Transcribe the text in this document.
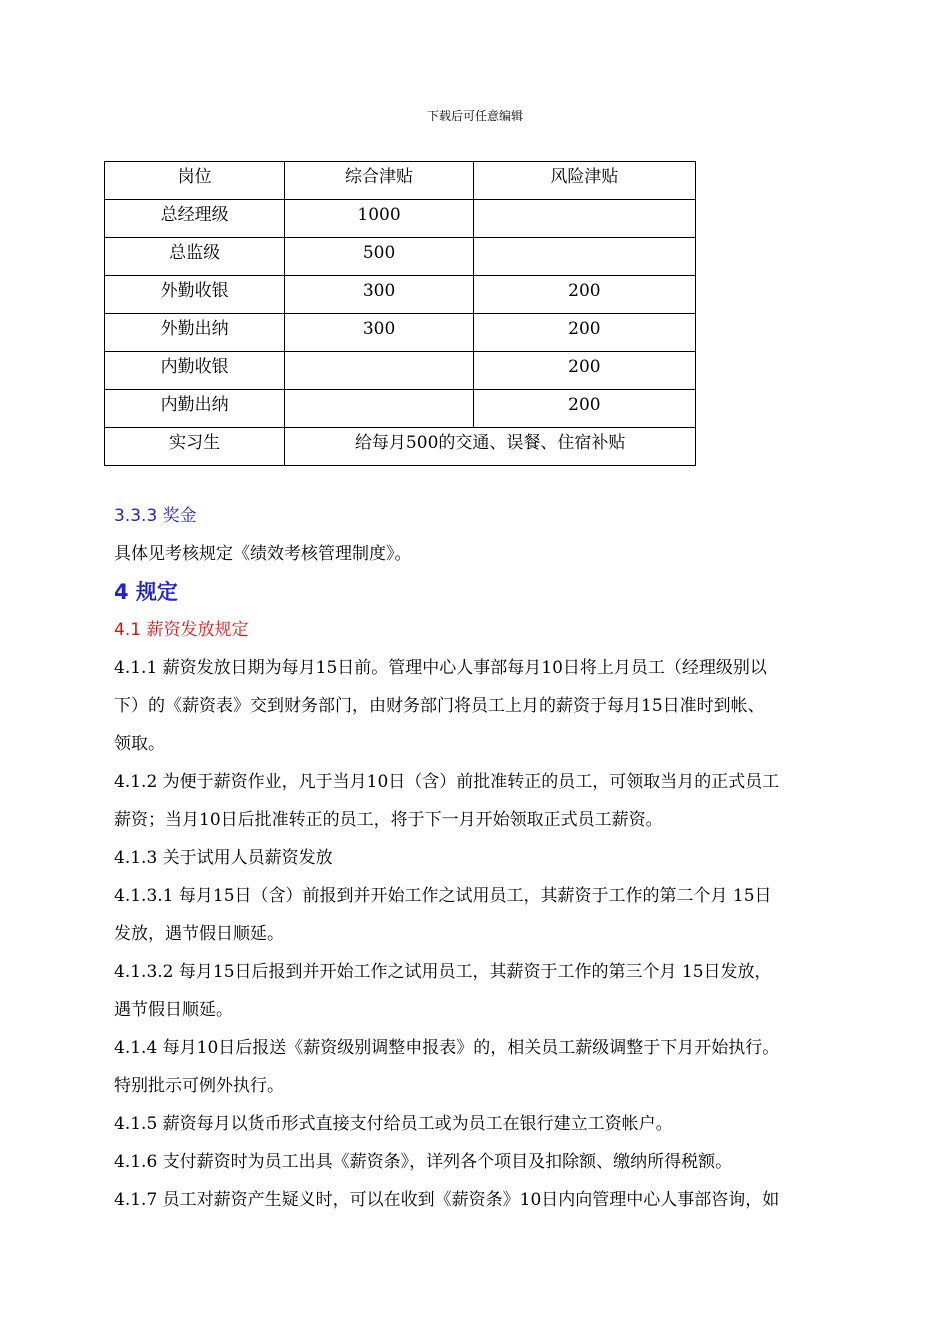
下载后可任意编辑
岗位	综合津贴	风险津贴
总经理级	1000	
总监级	500	
外勤收银	300	200
外勤出纳	300	200
内勤收银		200
内勤出纳		200
实习生	给每月500的交通、误餐、住宿补贴	
3.3.3 奖金
具体见考核规定《绩效考核管理制度》。
4 规定
4.1 薪资发放规定
4.1.1 薪资发放日期为每月15日前。管理中心人事部每月10日将上月员工（经理级别以
下）的《薪资表》交到财务部门，由财务部门将员工上月的薪资于每月15日准时到帐、
领取。
4.1.2 为便于薪资作业，凡于当月10日（含）前批准转正的员工，可领取当月的正式员工
薪资；当月10日后批准转正的员工，将于下一月开始领取正式员工薪资。
4.1.3 关于试用人员薪资发放
4.1.3.1 每月15日（含）前报到并开始工作之试用员工，其薪资于工作的第二个月 15日
发放，遇节假日顺延。
4.1.3.2 每月15日后报到并开始工作之试用员工，其薪资于工作的第三个月 15日发放，
遇节假日顺延。
4.1.4 每月10日后报送《薪资级别调整申报表》的，相关员工薪级调整于下月开始执行。
特别批示可例外执行。
4.1.5 薪资每月以货币形式直接支付给员工或为员工在银行建立工资帐户。
4.1.6 支付薪资时为员工出具《薪资条》，详列各个项目及扣除额、缴纳所得税额。
4.1.7 员工对薪资产生疑义时，可以在收到《薪资条》10日内向管理中心人事部咨询，如
